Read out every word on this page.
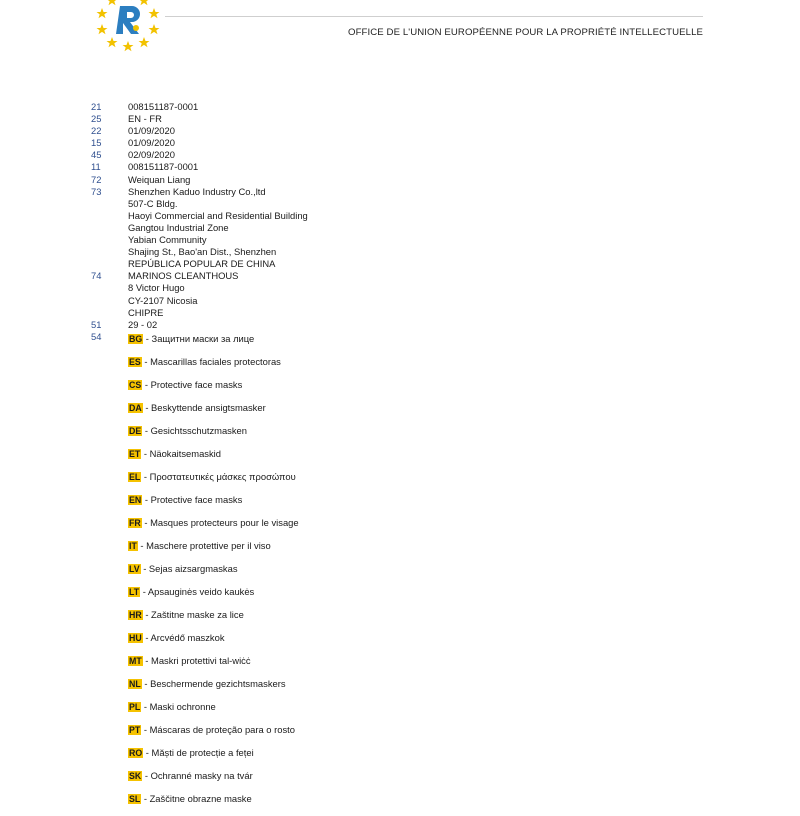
OFFICE DE L'UNION EUROPÉENNE POUR LA PROPRIÉTÉ INTELLECTUELLE
21	008151187-0001
25	EN - FR
22	01/09/2020
15	01/09/2020
45	02/09/2020
11	008151187-0001
72	Weiquan Liang
73	Shenzhen Kaduo Industry Co.,ltd
507-C Bldg.
Haoyi Commercial and Residential Building
Gangtou Industrial Zone
Yabian Community
Shajing St., Bao'an Dist., Shenzhen
REPÚBLICA POPULAR DE CHINA
74	MARINOS CLEANTHOUS
8 Victor Hugo
CY-2107 Nicosia
CHIPRE
51	29 - 02
54
	BG - Защитни маски за лице
ES - Mascarillas faciales protectoras
CS - Protective face masks
DA - Beskyttende ansigtsmasker
DE - Gesichtsschutzmasken
ET - Näokaitsemaskid
EL - Προστατευτικές μάσκες προσώπου
EN - Protective face masks
FR - Masques protecteurs pour le visage
IT - Maschere protettive per il viso
LV - Sejas aizsargmaskas
LT - Apsauginės veido kaukės
HR - Zaštitne maske za lice
HU - Arcvédő maszkok
MT - Maskri protettivi tal-wiċċ
NL - Beschermende gezichtsmaskers
PL - Maski ochronne
PT - Máscaras de proteção para o rosto
RO - Măști de protecție a feței
SK - Ochranné masky na tvár
SL - Zaščitne obrazne maske
